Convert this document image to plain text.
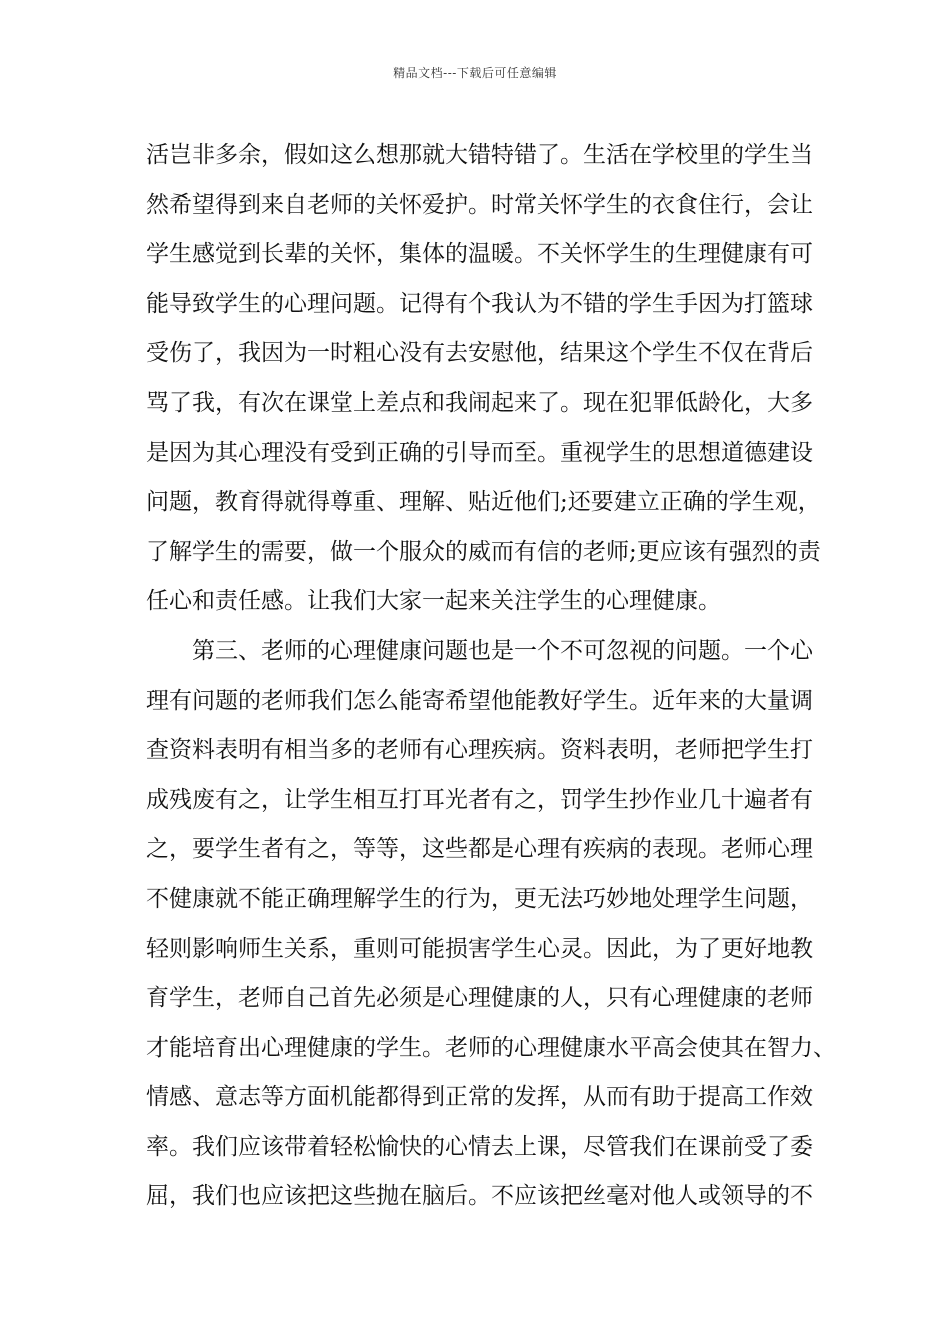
精品文档---下载后可任意编辑
活岂非多余，假如这么想那就大错特错了。生活在学校里的学生当
然希望得到来自老师的关怀爱护。时常关怀学生的衣食住行，会让
学生感觉到长辈的关怀，集体的温暖。不关怀学生的生理健康有可
能导致学生的心理问题。记得有个我认为不错的学生手因为打篮球
受伤了，我因为一时粗心没有去安慰他，结果这个学生不仅在背后
骂了我，有次在课堂上差点和我闹起来了。现在犯罪低龄化，大多
是因为其心理没有受到正确的引导而至。重视学生的思想道德建设
问题，教育得就得尊重、理解、贴近他们;还要建立正确的学生观，
了解学生的需要，做一个服众的威而有信的老师;更应该有强烈的责
任心和责任感。让我们大家一起来关注学生的心理健康。
第三、老师的心理健康问题也是一个不可忽视的问题。一个心
理有问题的老师我们怎么能寄希望他能教好学生。近年来的大量调
查资料表明有相当多的老师有心理疾病。资料表明，老师把学生打
成残废有之，让学生相互打耳光者有之，罚学生抄作业几十遍者有
之，要学生者有之，等等，这些都是心理有疾病的表现。老师心理
不健康就不能正确理解学生的行为，更无法巧妙地处理学生问题，
轻则影响师生关系，重则可能损害学生心灵。因此，为了更好地教
育学生，老师自己首先必须是心理健康的人，只有心理健康的老师
才能培育出心理健康的学生。老师的心理健康水平高会使其在智力、
情感、意志等方面机能都得到正常的发挥，从而有助于提高工作效
率。我们应该带着轻松愉快的心情去上课，尽管我们在课前受了委
屈，我们也应该把这些抛在脑后。不应该把丝毫对他人或领导的不
